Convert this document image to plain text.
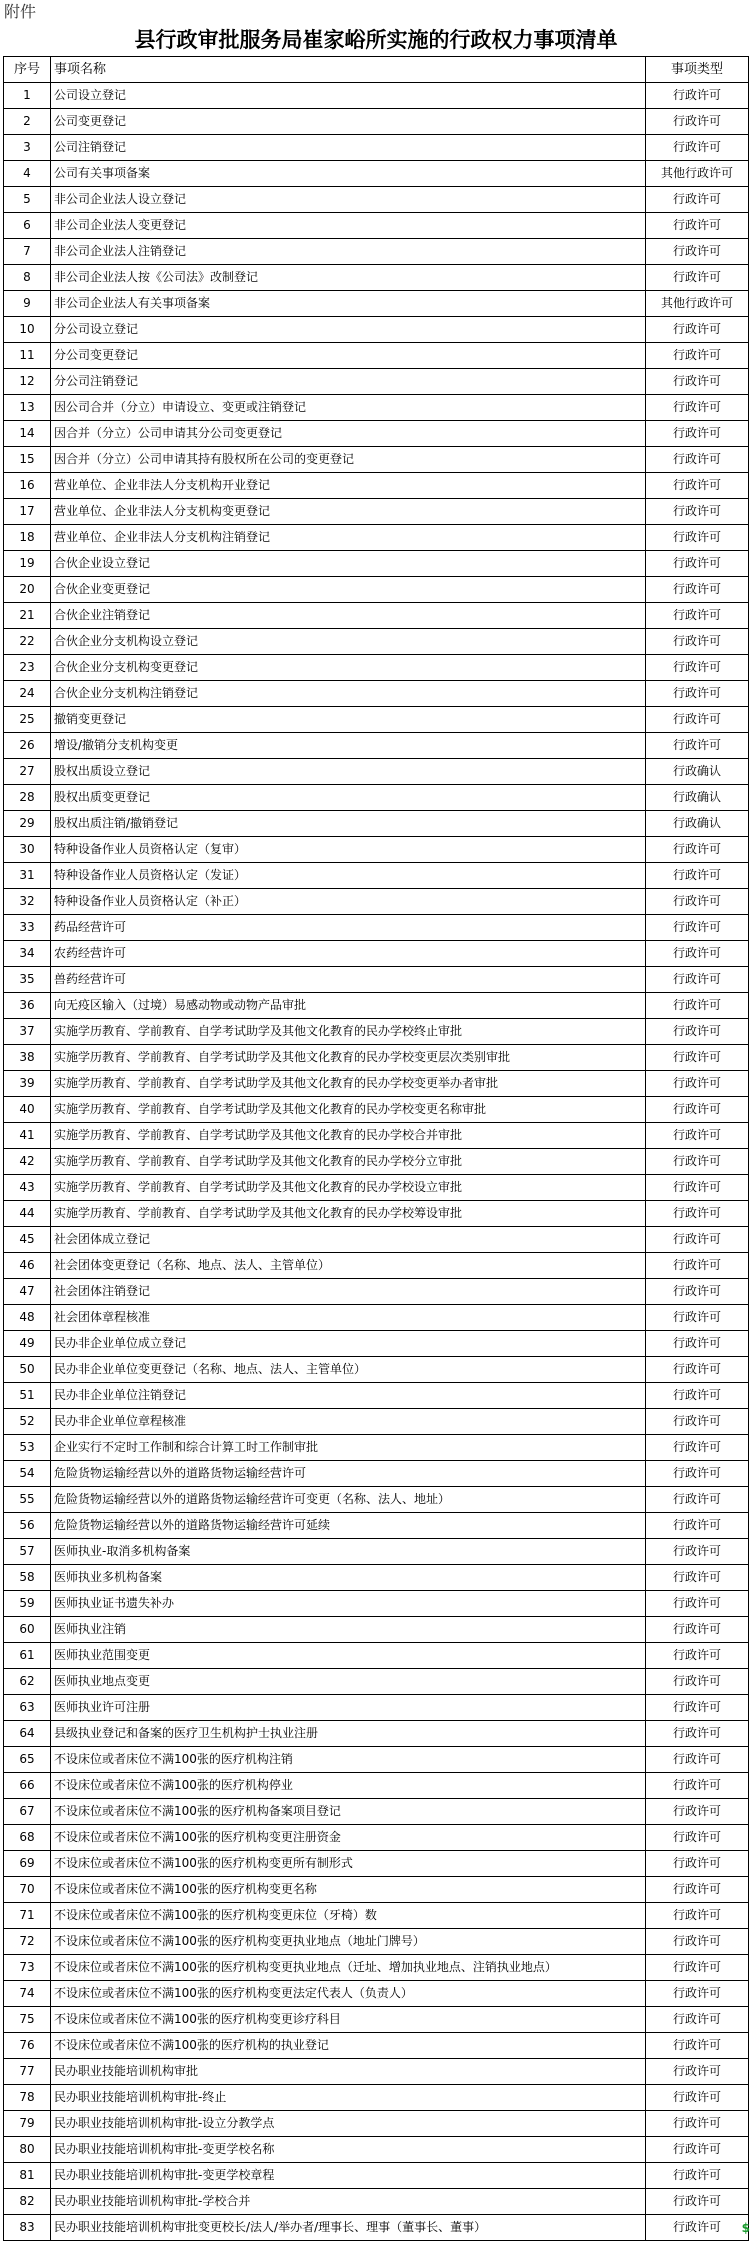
附件
县行政审批服务局崔家峪所实施的行政权力事项清单
序号	事项名称	事项类型
1	公司设立登记	行政许可
2	公司变更登记	行政许可
3	公司注销登记	行政许可
4	公司有关事项备案	其他行政许可
5	非公司企业法人设立登记	行政许可
6	非公司企业法人变更登记	行政许可
7	非公司企业法人注销登记	行政许可
8	非公司企业法人按《公司法》改制登记	行政许可
9	非公司企业法人有关事项备案	其他行政许可
10	分公司设立登记	行政许可
11	分公司变更登记	行政许可
12	分公司注销登记	行政许可
13	因公司合并（分立）申请设立、变更或注销登记	行政许可
14	因合并（分立）公司申请其分公司变更登记	行政许可
15	因合并（分立）公司申请其持有股权所在公司的变更登记	行政许可
16	营业单位、企业非法人分支机构开业登记	行政许可
17	营业单位、企业非法人分支机构变更登记	行政许可
18	营业单位、企业非法人分支机构注销登记	行政许可
19	合伙企业设立登记	行政许可
20	合伙企业变更登记	行政许可
21	合伙企业注销登记	行政许可
22	合伙企业分支机构设立登记	行政许可
23	合伙企业分支机构变更登记	行政许可
24	合伙企业分支机构注销登记	行政许可
25	撤销变更登记	行政许可
26	增设/撤销分支机构变更	行政许可
27	股权出质设立登记	行政确认
28	股权出质变更登记	行政确认
29	股权出质注销/撤销登记	行政确认
30	特种设备作业人员资格认定（复审）	行政许可
31	特种设备作业人员资格认定（发证）	行政许可
32	特种设备作业人员资格认定（补正）	行政许可
33	药品经营许可	行政许可
34	农药经营许可	行政许可
35	兽药经营许可	行政许可
36	向无疫区输入（过境）易感动物或动物产品审批	行政许可
37	实施学历教育、学前教育、自学考试助学及其他文化教育的民办学校终止审批	行政许可
38	实施学历教育、学前教育、自学考试助学及其他文化教育的民办学校变更层次类别审批	行政许可
39	实施学历教育、学前教育、自学考试助学及其他文化教育的民办学校变更举办者审批	行政许可
40	实施学历教育、学前教育、自学考试助学及其他文化教育的民办学校变更名称审批	行政许可
41	实施学历教育、学前教育、自学考试助学及其他文化教育的民办学校合并审批	行政许可
42	实施学历教育、学前教育、自学考试助学及其他文化教育的民办学校分立审批	行政许可
43	实施学历教育、学前教育、自学考试助学及其他文化教育的民办学校设立审批	行政许可
44	实施学历教育、学前教育、自学考试助学及其他文化教育的民办学校筹设审批	行政许可
45	社会团体成立登记	行政许可
46	社会团体变更登记（名称、地点、法人、主管单位）	行政许可
47	社会团体注销登记	行政许可
48	社会团体章程核准	行政许可
49	民办非企业单位成立登记	行政许可
50	民办非企业单位变更登记（名称、地点、法人、主管单位）	行政许可
51	民办非企业单位注销登记	行政许可
52	民办非企业单位章程核准	行政许可
53	企业实行不定时工作制和综合计算工时工作制审批	行政许可
54	危险货物运输经营以外的道路货物运输经营许可	行政许可
55	危险货物运输经营以外的道路货物运输经营许可变更（名称、法人、地址）	行政许可
56	危险货物运输经营以外的道路货物运输经营许可延续	行政许可
57	医师执业-取消多机构备案	行政许可
58	医师执业多机构备案	行政许可
59	医师执业证书遗失补办	行政许可
60	医师执业注销	行政许可
61	医师执业范围变更	行政许可
62	医师执业地点变更	行政许可
63	医师执业许可注册	行政许可
64	县级执业登记和备案的医疗卫生机构护士执业注册	行政许可
65	不设床位或者床位不满100张的医疗机构注销	行政许可
66	不设床位或者床位不满100张的医疗机构停业	行政许可
67	不设床位或者床位不满100张的医疗机构备案项目登记	行政许可
68	不设床位或者床位不满100张的医疗机构变更注册资金	行政许可
69	不设床位或者床位不满100张的医疗机构变更所有制形式	行政许可
70	不设床位或者床位不满100张的医疗机构变更名称	行政许可
71	不设床位或者床位不满100张的医疗机构变更床位（牙椅）数	行政许可
72	不设床位或者床位不满100张的医疗机构变更执业地点（地址门牌号）	行政许可
73	不设床位或者床位不满100张的医疗机构变更执业地点（迁址、增加执业地点、注销执业地点）	行政许可
74	不设床位或者床位不满100张的医疗机构变更法定代表人（负责人）	行政许可
75	不设床位或者床位不满100张的医疗机构变更诊疗科目	行政许可
76	不设床位或者床位不满100张的医疗机构的执业登记	行政许可
77	民办职业技能培训机构审批	行政许可
78	民办职业技能培训机构审批-终止	行政许可
79	民办职业技能培训机构审批-设立分教学点	行政许可
80	民办职业技能培训机构审批-变更学校名称	行政许可
81	民办职业技能培训机构审批-变更学校章程	行政许可
82	民办职业技能培训机构审批-学校合并	行政许可
83	民办职业技能培训机构审批变更校长/法人/举办者/理事长、理事（董事长、董事）	行政许可 $
